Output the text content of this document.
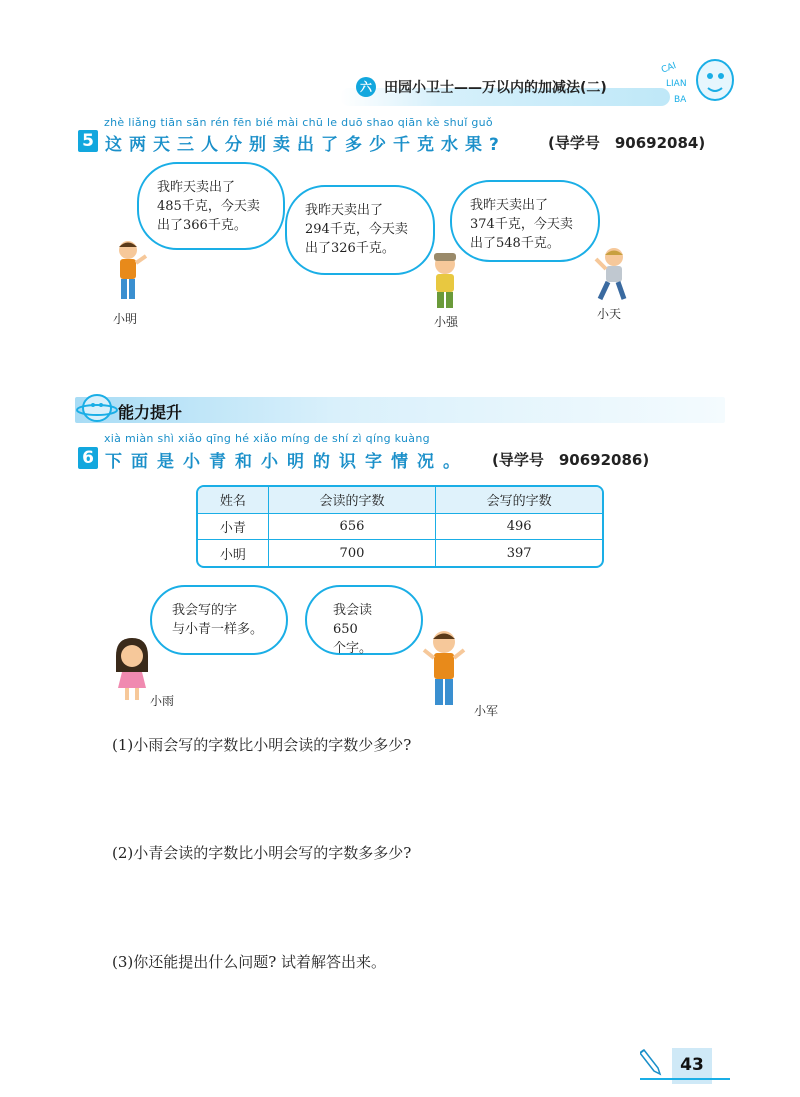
六 田园小卫士——万以内的加减法(二)
CAI
LIAN
BA
zhè liǎng tiān sān rén fēn bié mài chū le duō shao qiān kè shuǐ guǒ
5 这两天三人分别卖出了多少千克水果?	(导学号　90692084)
我昨天卖出了
485千克，今天卖
出了366千克。
我昨天卖出了
294千克，今天卖
出了326千克。
我昨天卖出了
374千克，今天卖
出了548千克。
小明	小强
小天
能力提升
xià miàn shì xiǎo qīng hé xiǎo míng de shí zì qíng kuàng
6 下面是小青和小明的识字情况。 (导学号　90692086)
姓名	会读的字数	会写的字数
小青	656	496
小明	700	397
我会写的字
与小青一样多。
我会读650
个字。
小雨
小军
(1)小雨会写的字数比小明会读的字数少多少?
(2)小青会读的字数比小明会写的字数多多少?
(3)你还能提出什么问题? 试着解答出来。
43
